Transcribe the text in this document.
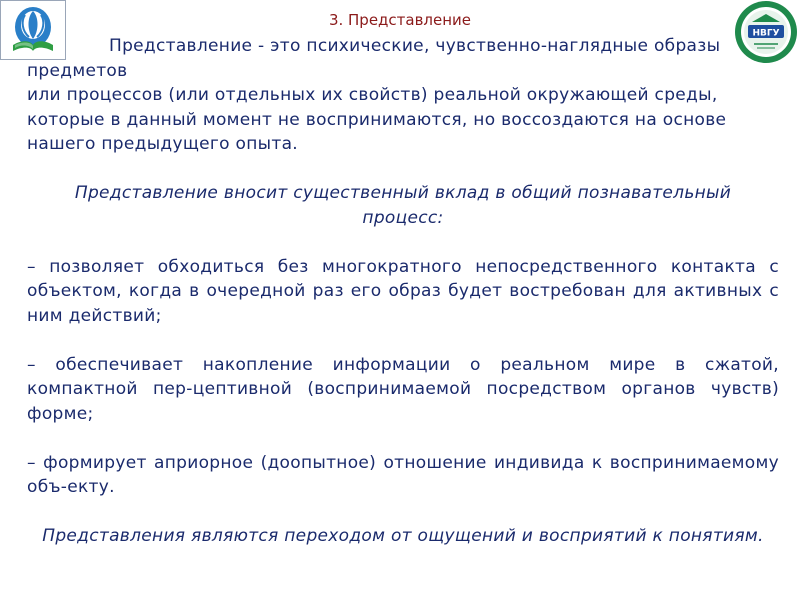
НВГУ
3. Представление

Представление - это психические, чувственно-наглядные образы предметов

или процессов (или отдельных их свойств) реальной окружающей среды, которые в данный момент не воспринимаются, но воссоздаются на основе нашего предыдущего опыта.

Представление вносит существенный вклад в общий познавательный процесс:

– позволяет обходиться без многократного непосредственного контакта с объектом, когда в очередной раз его образ будет востребован для активных с ним действий;

– обеспечивает накопление информации о реальном мире в сжатой, компактной пер-цептивной (воспринимаемой посредством органов чувств) форме;

– формирует априорное (доопытное) отношение индивида к воспринимаемому объ-екту.

Представления являются переходом от ощущений и восприятий к понятиям.
